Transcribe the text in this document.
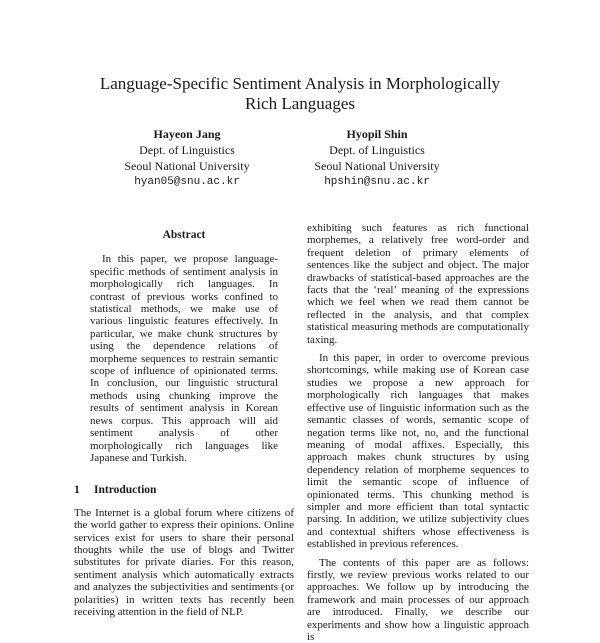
Language-Specific Sentiment Analysis in Morphologically
Rich Languages
Hayeon Jang
Dept. of Linguistics
Seoul National University
hyan05@snu.ac.kr
Hyopil Shin
Dept. of Linguistics
Seoul National University
hpshin@snu.ac.kr
Abstract

In this paper, we propose language-specific methods of sentiment analysis in morphologically rich languages. In contrast of previous works confined to statistical methods, we make use of various linguistic features effectively. In particular, we make chunk structures by using the dependence relations of morpheme sequences to restrain semantic scope of influence of opinionated terms. In conclusion, our linguistic structural methods using chunking improve the results of sentiment analysis in Korean news corpus. This approach will aid sentiment analysis of other morphologically rich languages like Japanese and Turkish.

1 Introduction

The Internet is a global forum where citizens of the world gather to express their opinions. Online services exist for users to share their personal thoughts while the use of blogs and Twitter substitutes for private diaries. For this reason, sentiment analysis which automatically extracts and analyzes the subjectivities and sentiments (or polarities) in written texts has recently been receiving attention in the field of NLP.

exhibiting such features as rich functional morphemes, a relatively free word-order and frequent deletion of primary elements of sentences like the subject and object. The major drawbacks of statistical-based approaches are the facts that the ‘real’ meaning of the expressions which we feel when we read them cannot be reflected in the analysis, and that complex statistical measuring methods are computationally taxing.

In this paper, in order to overcome previous shortcomings, while making use of Korean case studies we propose a new approach for morphologically rich languages that makes effective use of linguistic information such as the semantic classes of words, semantic scope of negation terms like not, no, and the functional meaning of modal affixes. Especially, this approach makes chunk structures by using dependency relation of morpheme sequences to limit the semantic scope of influence of opinionated terms. This chunking method is simpler and more efficient than total syntactic parsing. In addition, we utilize subjectivity clues and contextual shifters whose effectiveness is established in previous references.

The contents of this paper are as follows: firstly, we review previous works related to our approaches. We follow up by introducing the framework and main processes of our approach are introduced. Finally, we describe our experiments and show how a linguistic approach is
